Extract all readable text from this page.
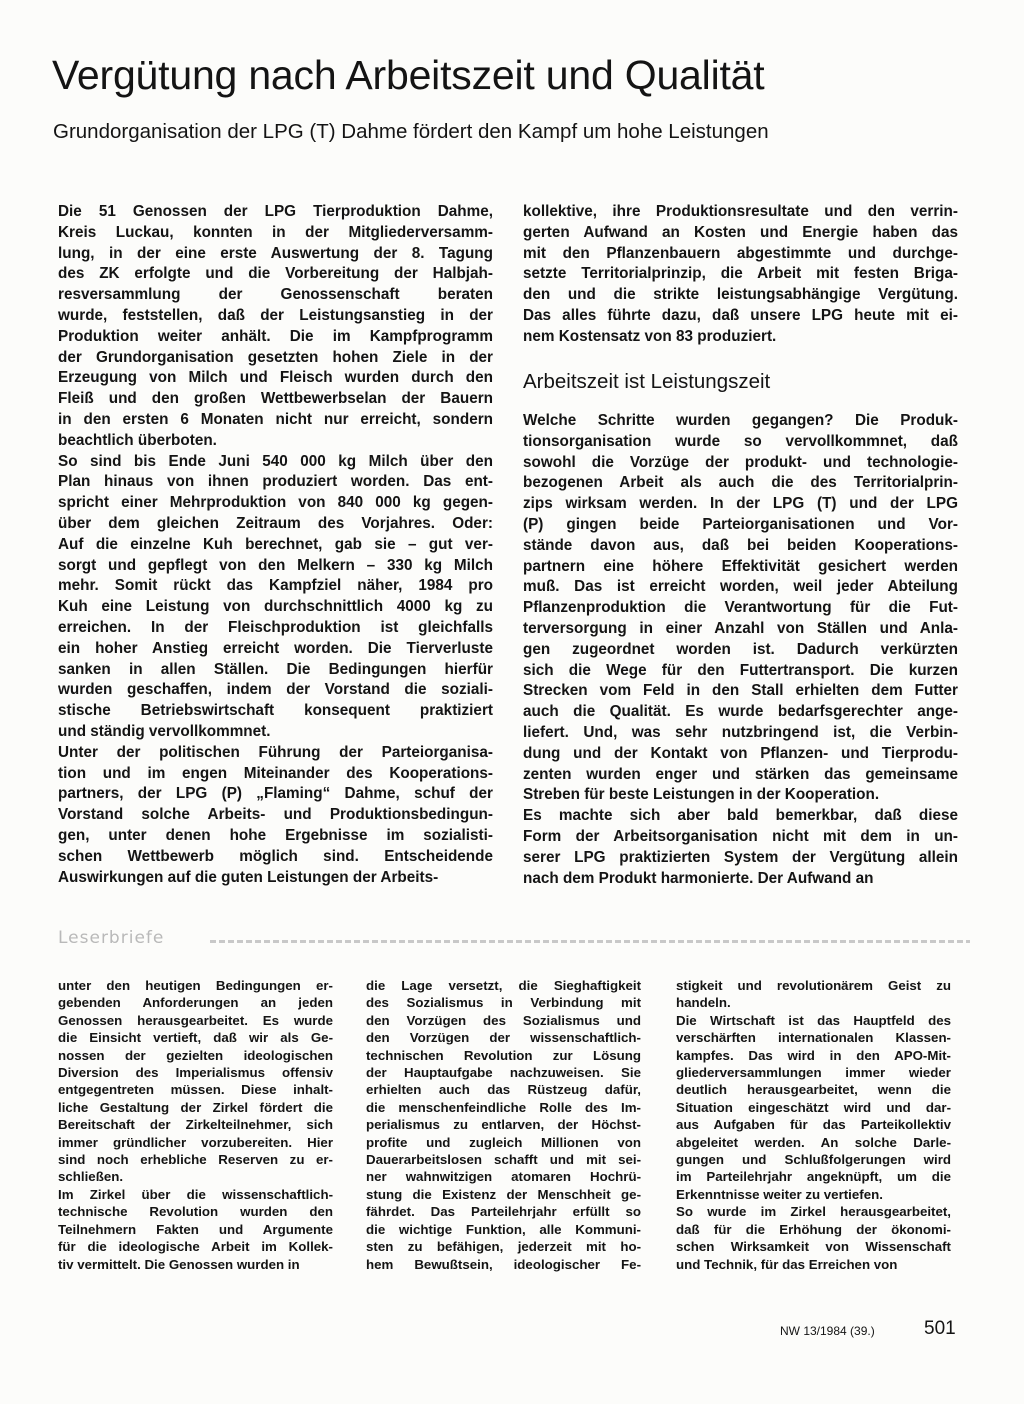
Vergütung nach Arbeitszeit und Qualität
Grundorganisation der LPG (T) Dahme fördert den Kampf um hohe Leistungen
Die 51 Genossen der LPG Tierproduktion Dahme,
Kreis Luckau, konnten in der Mitgliederversamm-
lung, in der eine erste Auswertung der 8. Tagung
des ZK erfolgte und die Vorbereitung der Halbjah-
resversammlung der Genossenschaft beraten
wurde, feststellen, daß der Leistungsanstieg in der
Produktion weiter anhält. Die im Kampfprogramm
der Grundorganisation gesetzten hohen Ziele in der
Erzeugung von Milch und Fleisch wurden durch den
Fleiß und den großen Wettbewerbselan der Bauern
in den ersten 6 Monaten nicht nur erreicht, sondern
beachtlich überboten.
So sind bis Ende Juni 540 000 kg Milch über den
Plan hinaus von ihnen produziert worden. Das ent-
spricht einer Mehrproduktion von 840 000 kg gegen-
über dem gleichen Zeitraum des Vorjahres. Oder:
Auf die einzelne Kuh berechnet, gab sie – gut ver-
sorgt und gepflegt von den Melkern – 330 kg Milch
mehr. Somit rückt das Kampfziel näher, 1984 pro
Kuh eine Leistung von durchschnittlich 4000 kg zu
erreichen. In der Fleischproduktion ist gleichfalls
ein hoher Anstieg erreicht worden. Die Tierverluste
sanken in allen Ställen. Die Bedingungen hierfür
wurden geschaffen, indem der Vorstand die soziali-
stische Betriebswirtschaft konsequent praktiziert
und ständig vervollkommnet.
Unter der politischen Führung der Parteiorganisa-
tion und im engen Miteinander des Kooperations-
partners, der LPG (P) „Flaming“ Dahme, schuf der
Vorstand solche Arbeits- und Produktionsbedingun-
gen, unter denen hohe Ergebnisse im sozialisti-
schen Wettbewerb möglich sind. Entscheidende
Auswirkungen auf die guten Leistungen der Arbeits-
kollektive, ihre Produktionsresultate und den verrin-
gerten Aufwand an Kosten und Energie haben das
mit den Pflanzenbauern abgestimmte und durchge-
setzte Territorialprinzip, die Arbeit mit festen Briga-
den und die strikte leistungsabhängige Vergütung.
Das alles führte dazu, daß unsere LPG heute mit ei-
nem Kostensatz von 83 produziert.
Arbeitszeit ist Leistungszeit
Welche Schritte wurden gegangen? Die Produk-
tionsorganisation wurde so vervollkommnet, daß
sowohl die Vorzüge der produkt- und technologie-
bezogenen Arbeit als auch die des Territorialprin-
zips wirksam werden. In der LPG (T) und der LPG
(P) gingen beide Parteiorganisationen und Vor-
stände davon aus, daß bei beiden Kooperations-
partnern eine höhere Effektivität gesichert werden
muß. Das ist erreicht worden, weil jeder Abteilung
Pflanzenproduktion die Verantwortung für die Fut-
terversorgung in einer Anzahl von Ställen und Anla-
gen zugeordnet worden ist. Dadurch verkürzten
sich die Wege für den Futtertransport. Die kurzen
Strecken vom Feld in den Stall erhielten dem Futter
auch die Qualität. Es wurde bedarfsgerechter ange-
liefert. Und, was sehr nutzbringend ist, die Verbin-
dung und der Kontakt von Pflanzen- und Tierprodu-
zenten wurden enger und stärken das gemeinsame
Streben für beste Leistungen in der Kooperation.
Es machte sich aber bald bemerkbar, daß diese
Form der Arbeitsorganisation nicht mit dem in un-
serer LPG praktizierten System der Vergütung allein
nach dem Produkt harmonierte. Der Aufwand an
Leserbriefe
unter den heutigen Bedingungen er-
gebenden Anforderungen an jeden
Genossen herausgearbeitet. Es wurde
die Einsicht vertieft, daß wir als Ge-
nossen der gezielten ideologischen
Diversion des Imperialismus offensiv
entgegentreten müssen. Diese inhalt-
liche Gestaltung der Zirkel fördert die
Bereitschaft der Zirkelteilnehmer, sich
immer gründlicher vorzubereiten. Hier
sind noch erhebliche Reserven zu er-
schließen.
Im Zirkel über die wissenschaftlich-
technische Revolution wurden den
Teilnehmern Fakten und Argumente
für die ideologische Arbeit im Kollek-
tiv vermittelt. Die Genossen wurden in
die Lage versetzt, die Sieghaftigkeit
des Sozialismus in Verbindung mit
den Vorzügen des Sozialismus und
den Vorzügen der wissenschaftlich-
technischen Revolution zur Lösung
der Hauptaufgabe nachzuweisen. Sie
erhielten auch das Rüstzeug dafür,
die menschenfeindliche Rolle des Im-
perialismus zu entlarven, der Höchst-
profite und zugleich Millionen von
Dauerarbeitslosen schafft und mit sei-
ner wahnwitzigen atomaren Hochrü-
stung die Existenz der Menschheit ge-
fährdet. Das Parteilehrjahr erfüllt so
die wichtige Funktion, alle Kommuni-
sten zu befähigen, jederzeit mit ho-
hem Bewußtsein, ideologischer Fe-
stigkeit und revolutionärem Geist zu
handeln.
Die Wirtschaft ist das Hauptfeld des
verschärften internationalen Klassen-
kampfes. Das wird in den APO-Mit-
gliederversammlungen immer wieder
deutlich herausgearbeitet, wenn die
Situation eingeschätzt wird und dar-
aus Aufgaben für das Parteikollektiv
abgeleitet werden. An solche Darle-
gungen und Schlußfolgerungen wird
im Parteilehrjahr angeknüpft, um die
Erkenntnisse weiter zu vertiefen.
So wurde im Zirkel herausgearbeitet,
daß für die Erhöhung der ökonomi-
schen Wirksamkeit von Wissenschaft
und Technik, für das Erreichen von
NW 13/1984 (39.)	501
